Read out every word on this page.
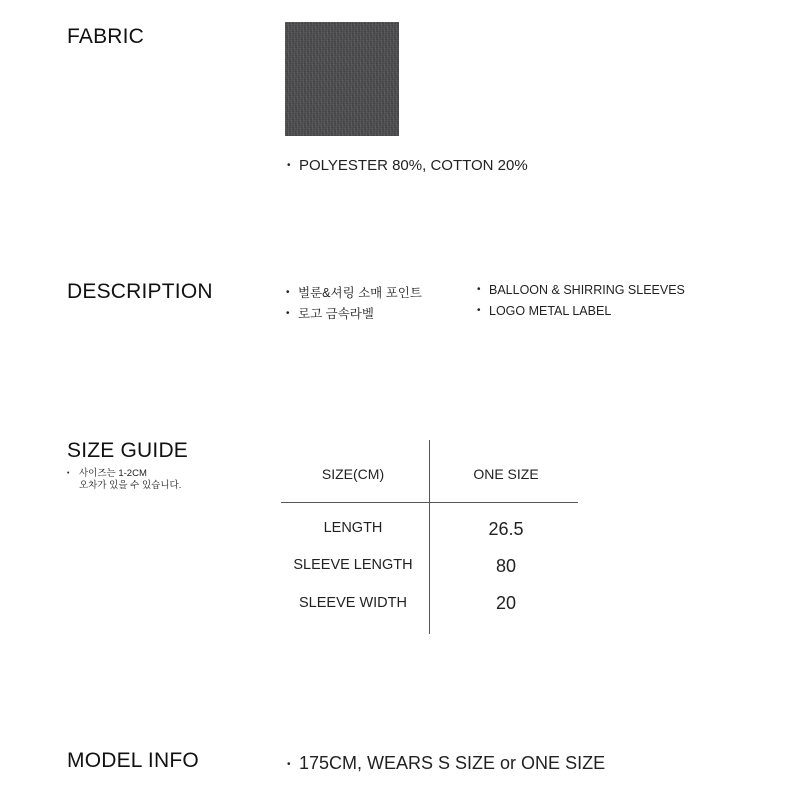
FABRIC
• POLYESTER 80%, COTTON 20%
DESCRIPTION	• 벌룬&셔링 소매 포인트
• 로고 금속라벨
• BALLOON & SHIRRING SLEEVES
• LOGO METAL LABEL
SIZE GUIDE
• 사이즈는 1-2CM
오차가 있을 수 있습니다.
SIZE(CM)	ONE SIZE
LENGTH	26.5
SLEEVE LENGTH	80
SLEEVE WIDTH	20
MODEL INFO	• 175CM, WEARS S SIZE or ONE SIZE
